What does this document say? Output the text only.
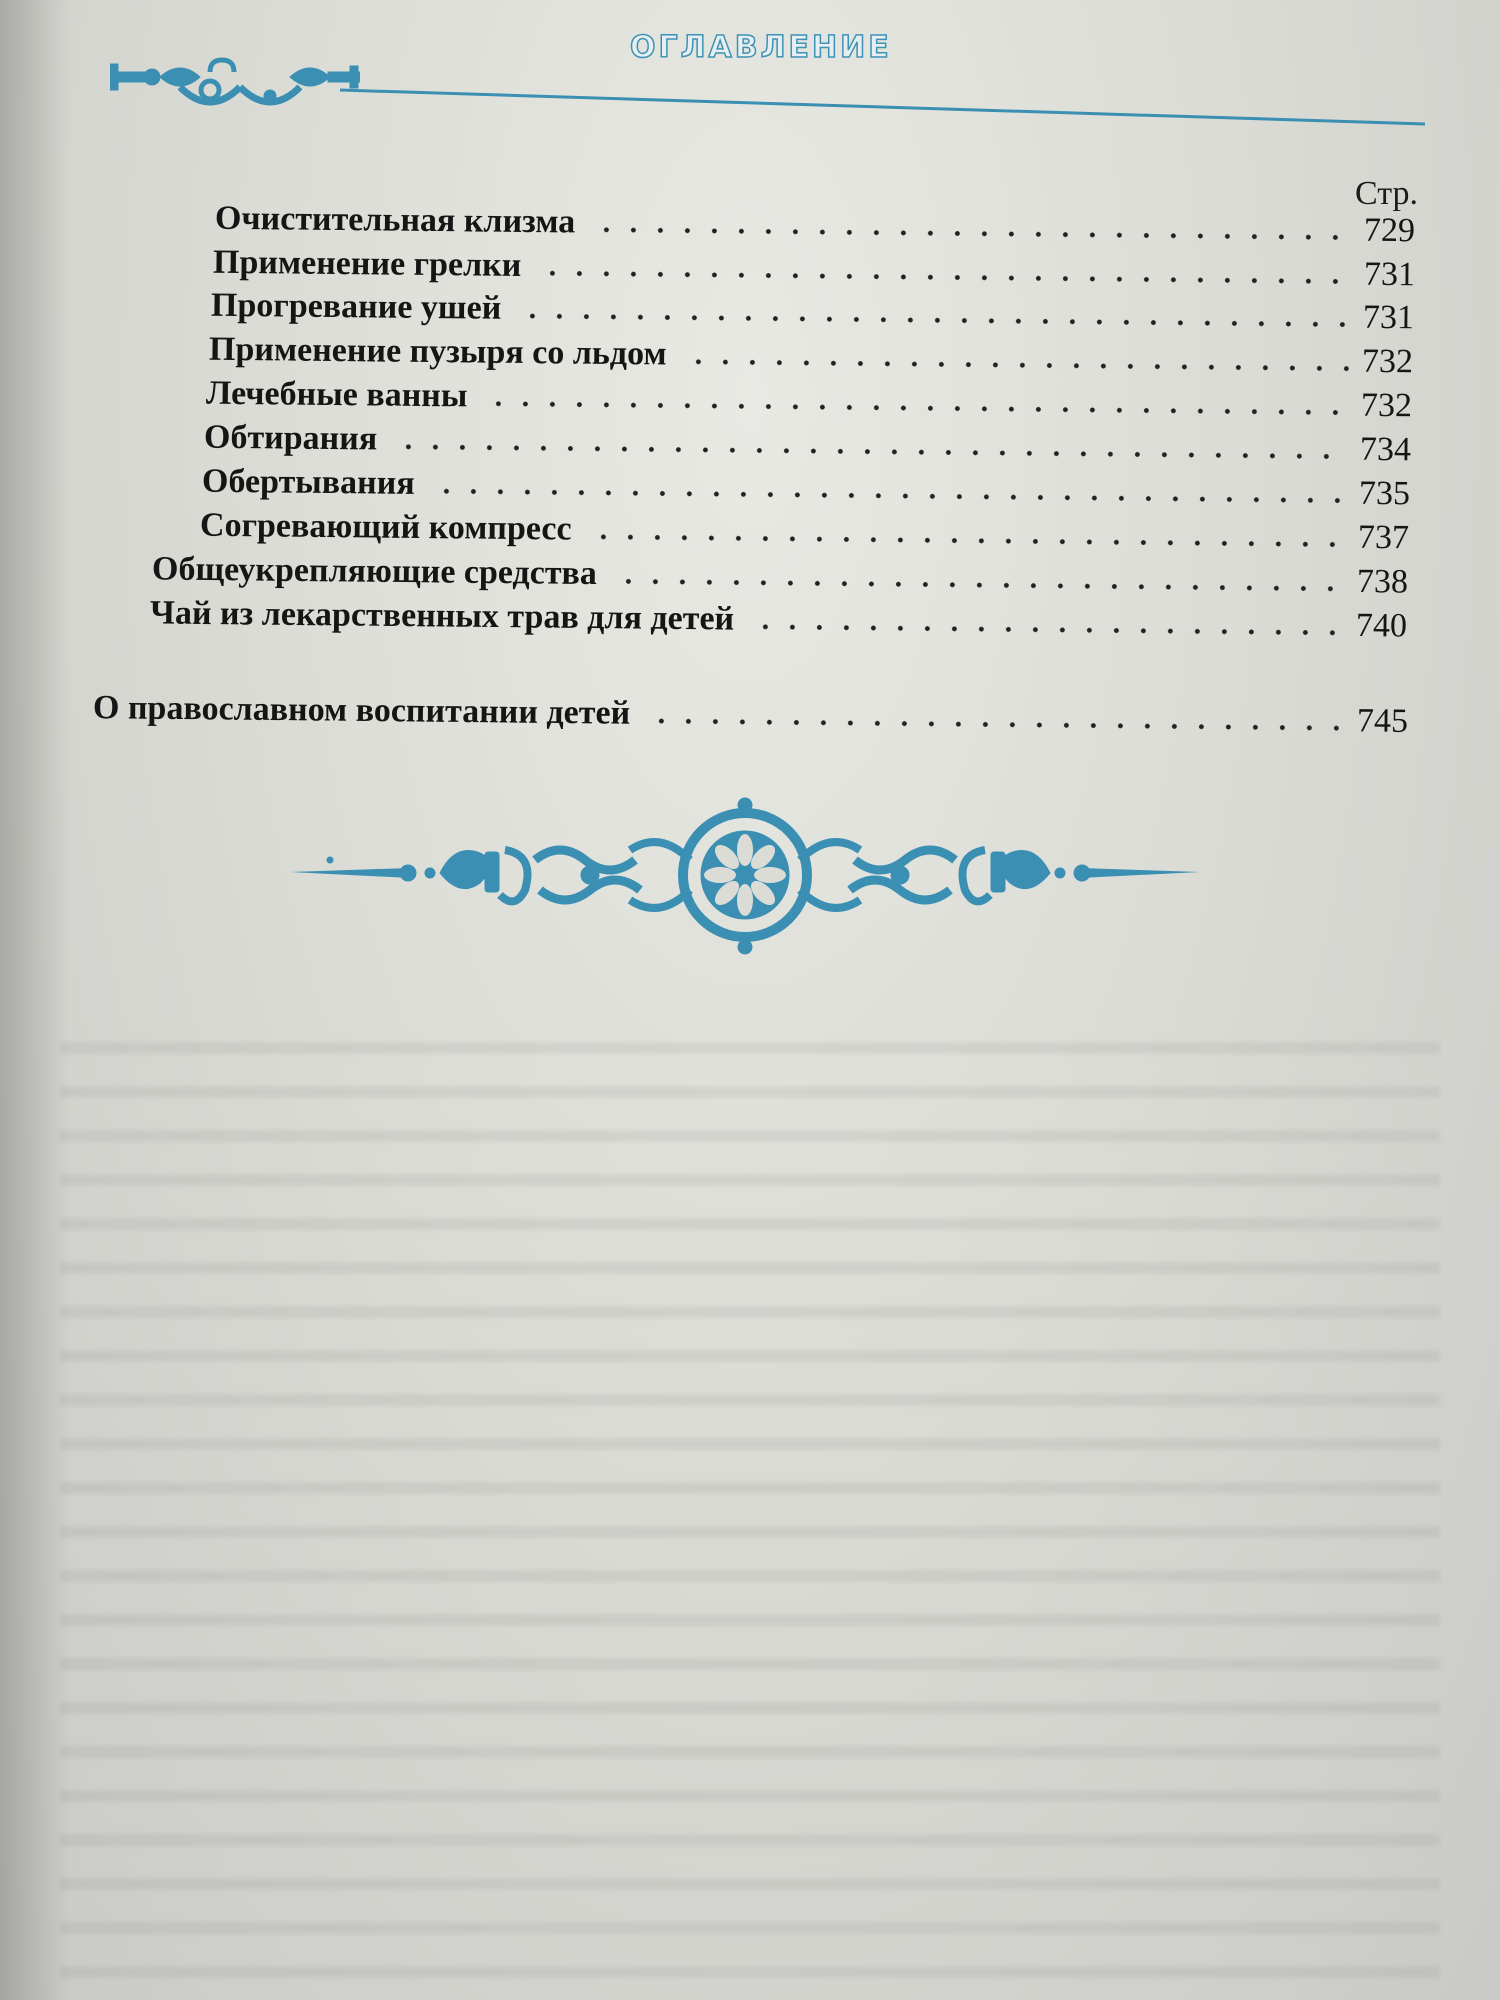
ОГЛАВЛЕНИЕ
Стр.
Очистительная клизма	729
Применение грелки	731
Прогревание ушей	731
Применение пузыря со льдом	732
Лечебные ванны	732
Обтирания	734
Обертывания	735
Согревающий компресс	737
Общеукрепляющие средства	738
Чай из лекарственных трав для детей	740
О православном воспитании детей	745
